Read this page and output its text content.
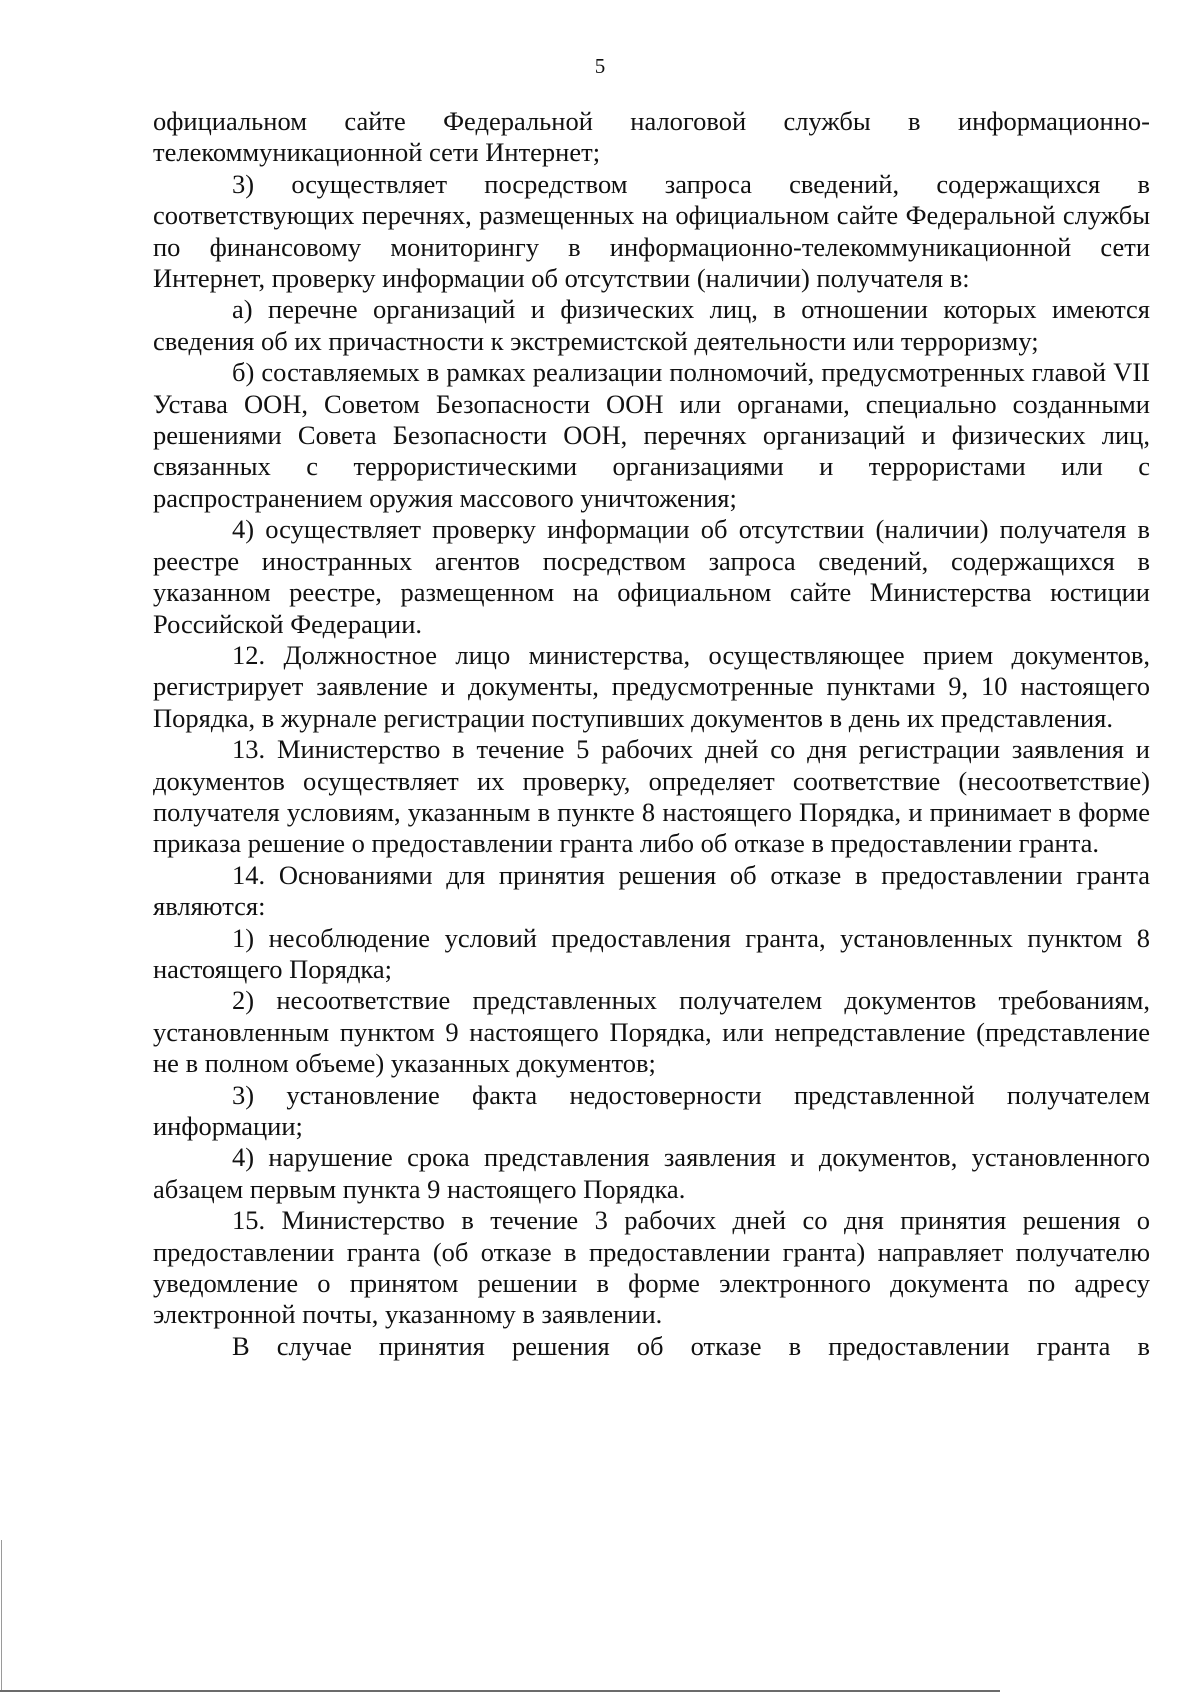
5

официальном сайте Федеральной налоговой службы в информационно-телекоммуникационной сети Интернет;

3) осуществляет посредством запроса сведений, содержащихся в соответствующих перечнях, размещенных на официальном сайте Федеральной службы по финансовому мониторингу в информационно-телекоммуникационной сети Интернет, проверку информации об отсутствии (наличии) получателя в:

а) перечне организаций и физических лиц, в отношении которых имеются сведения об их причастности к экстремистской деятельности или терроризму;

б) составляемых в рамках реализации полномочий, предусмотренных главой VII Устава ООН, Советом Безопасности ООН или органами, специально созданными решениями Совета Безопасности ООН, перечнях организаций и физических лиц, связанных с террористическими организациями и террористами или с распространением оружия массового уничтожения;

4) осуществляет проверку информации об отсутствии (наличии) получателя в реестре иностранных агентов посредством запроса сведений, содержащихся в указанном реестре, размещенном на официальном сайте Министерства юстиции Российской Федерации.

12. Должностное лицо министерства, осуществляющее прием документов, регистрирует заявление и документы, предусмотренные пунктами 9, 10 настоящего Порядка, в журнале регистрации поступивших документов в день их представления.

13. Министерство в течение 5 рабочих дней со дня регистрации заявления и документов осуществляет их проверку, определяет соответствие (несоответствие) получателя условиям, указанным в пункте 8 настоящего Порядка, и принимает в форме приказа решение о предоставлении гранта либо об отказе в предоставлении гранта.

14. Основаниями для принятия решения об отказе в предоставлении гранта являются:

1) несоблюдение условий предоставления гранта, установленных пунктом 8 настоящего Порядка;

2) несоответствие представленных получателем документов требованиям, установленным пунктом 9 настоящего Порядка, или непредставление (представление не в полном объеме) указанных документов;

3) установление факта недостоверности представленной получателем информации;

4) нарушение срока представления заявления и документов, установленного абзацем первым пункта 9 настоящего Порядка.

15. Министерство в течение 3 рабочих дней со дня принятия решения о предоставлении гранта (об отказе в предоставлении гранта) направляет получателю уведомление о принятом решении в форме электронного документа по адресу электронной почты, указанному в заявлении.

В случае принятия решения об отказе в предоставлении гранта в
